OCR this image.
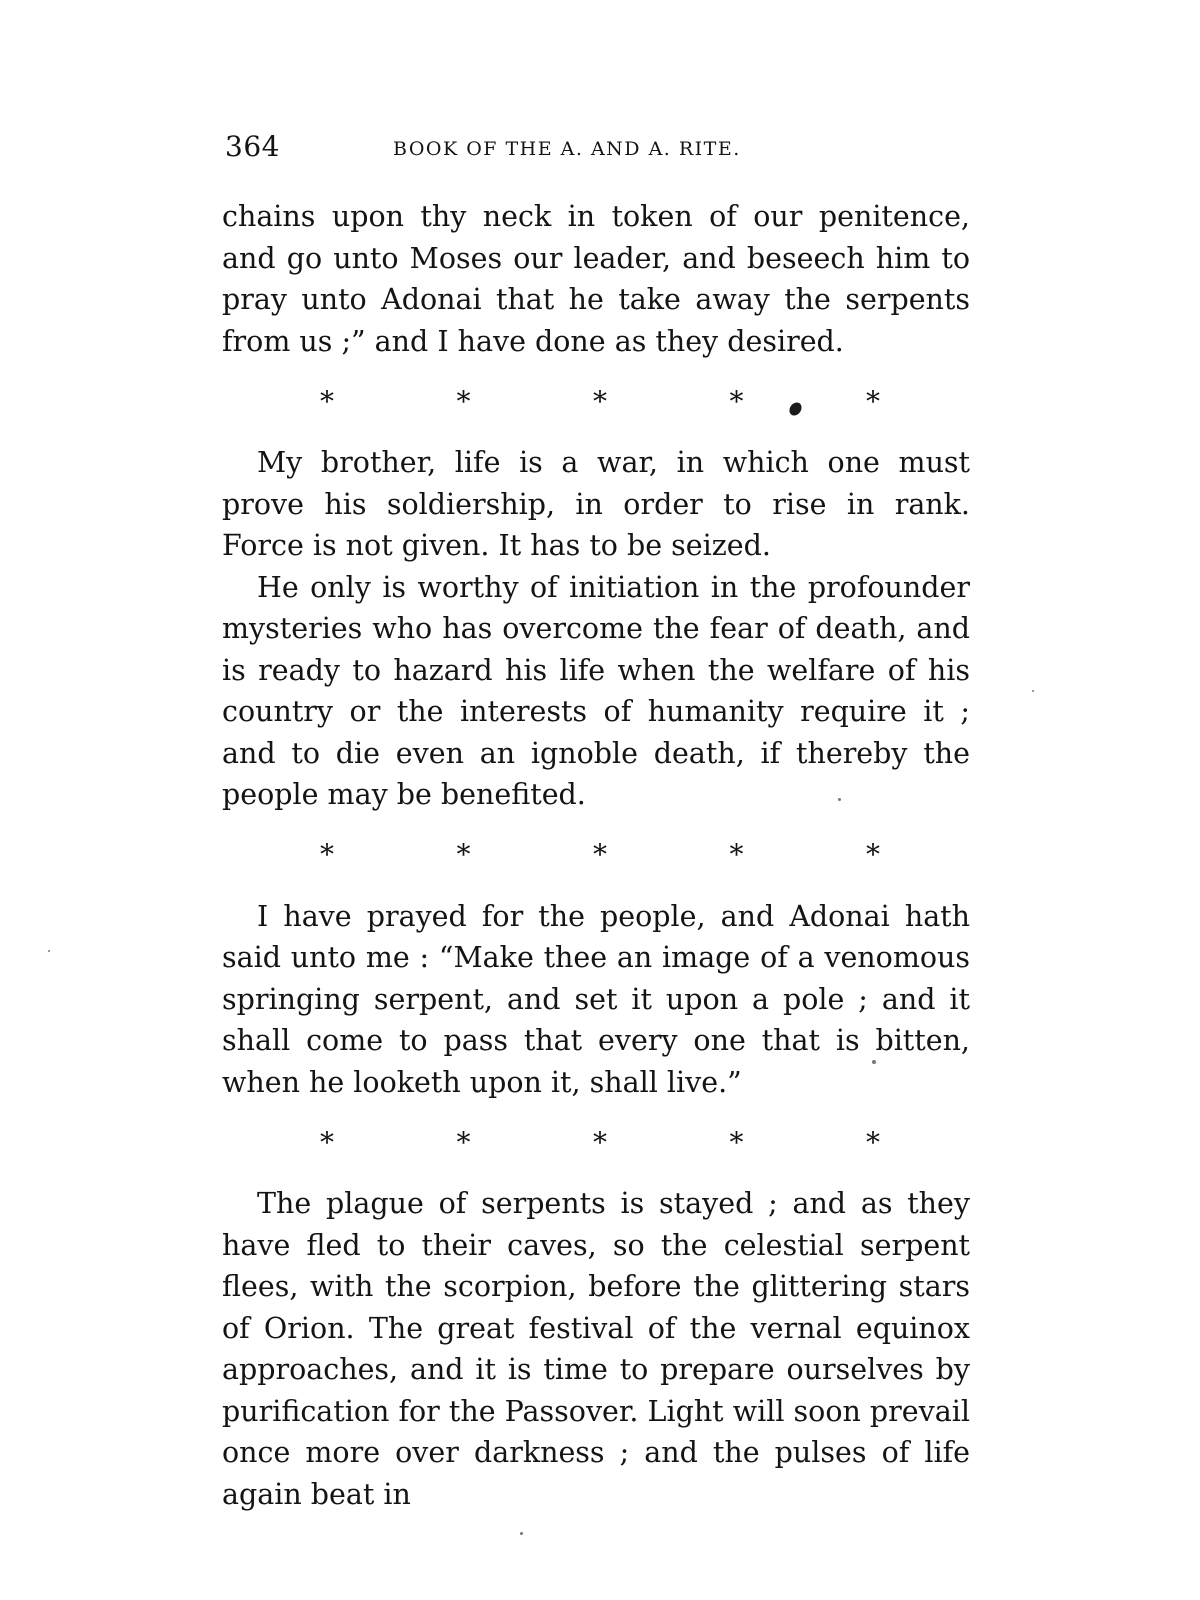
364	BOOK OF THE A. AND A. RITE.

chains upon thy neck in token of our penitence, and go unto Moses our leader, and beseech him to pray unto Adonai that he take away the serpents from us ;” and I have done as they desired.

*	*	*	*	*

My brother, life is a war, in which one must prove his soldiership, in order to rise in rank. Force is not given. It has to be seized.

He only is worthy of initiation in the profounder mysteries who has overcome the fear of death, and is ready to hazard his life when the welfare of his country or the interests of humanity require it ; and to die even an ignoble death, if thereby the people may be benefited.

*	*	*	*	*

I have prayed for the people, and Adonai hath said unto me : “Make thee an image of a venomous springing serpent, and set it upon a pole ; and it shall come to pass that every one that is bitten, when he looketh upon it, shall live.”

*	*	*	*	*

The plague of serpents is stayed ; and as they have fled to their caves, so the celestial serpent flees, with the scorpion, before the glittering stars of Orion. The great festival of the vernal equinox approaches, and it is time to prepare ourselves by purification for the Passover. Light will soon prevail once more over darkness ; and the pulses of life again beat in
